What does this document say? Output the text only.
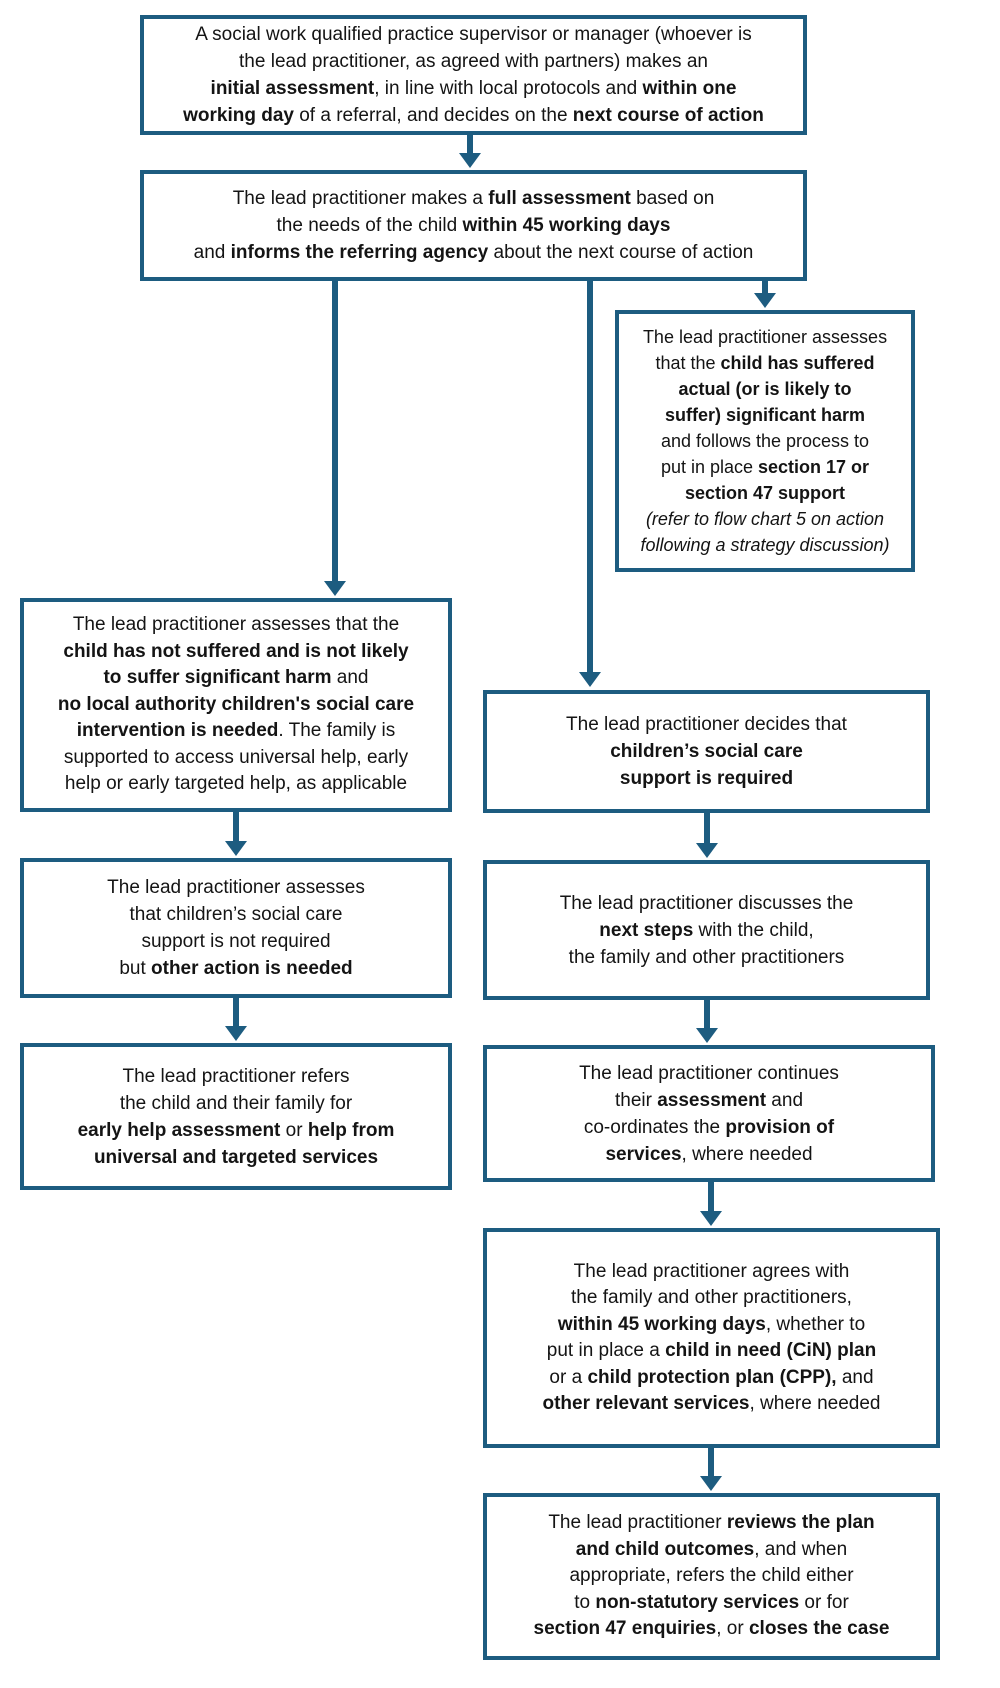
A social work qualified practice supervisor or manager (whoever is
the lead practitioner, as agreed with partners) makes an
initial assessment, in line with local protocols and within one
working day of a referral, and decides on the next course of action
The lead practitioner makes a full assessment based on
the needs of the child within 45 working days
and informs the referring agency about the next course of action
The lead practitioner assesses
that the child has suffered
actual (or is likely to
suffer) significant harm
and follows the process to
put in place section 17 or
section 47 support
(refer to flow chart 5 on action
following a strategy discussion)
The lead practitioner assesses that the
child has not suffered and is not likely
to suffer significant harm and
no local authority children's social care
intervention is needed. The family is
supported to access universal help, early
help or early targeted help, as applicable
The lead practitioner decides that
children’s social care
support is required
The lead practitioner assesses
that children’s social care
support is not required
but other action is needed
The lead practitioner discusses the
next steps with the child,
the family and other practitioners
The lead practitioner refers
the child and their family for
early help assessment or help from
universal and targeted services
The lead practitioner continues
their assessment and
co-ordinates the provision of
services, where needed
The lead practitioner agrees with
the family and other practitioners,
within 45 working days, whether to
put in place a child in need (CiN) plan
or a child protection plan (CPP), and
other relevant services, where needed
The lead practitioner reviews the plan
and child outcomes, and when
appropriate, refers the child either
to non-statutory services or for
section 47 enquiries, or closes the case
